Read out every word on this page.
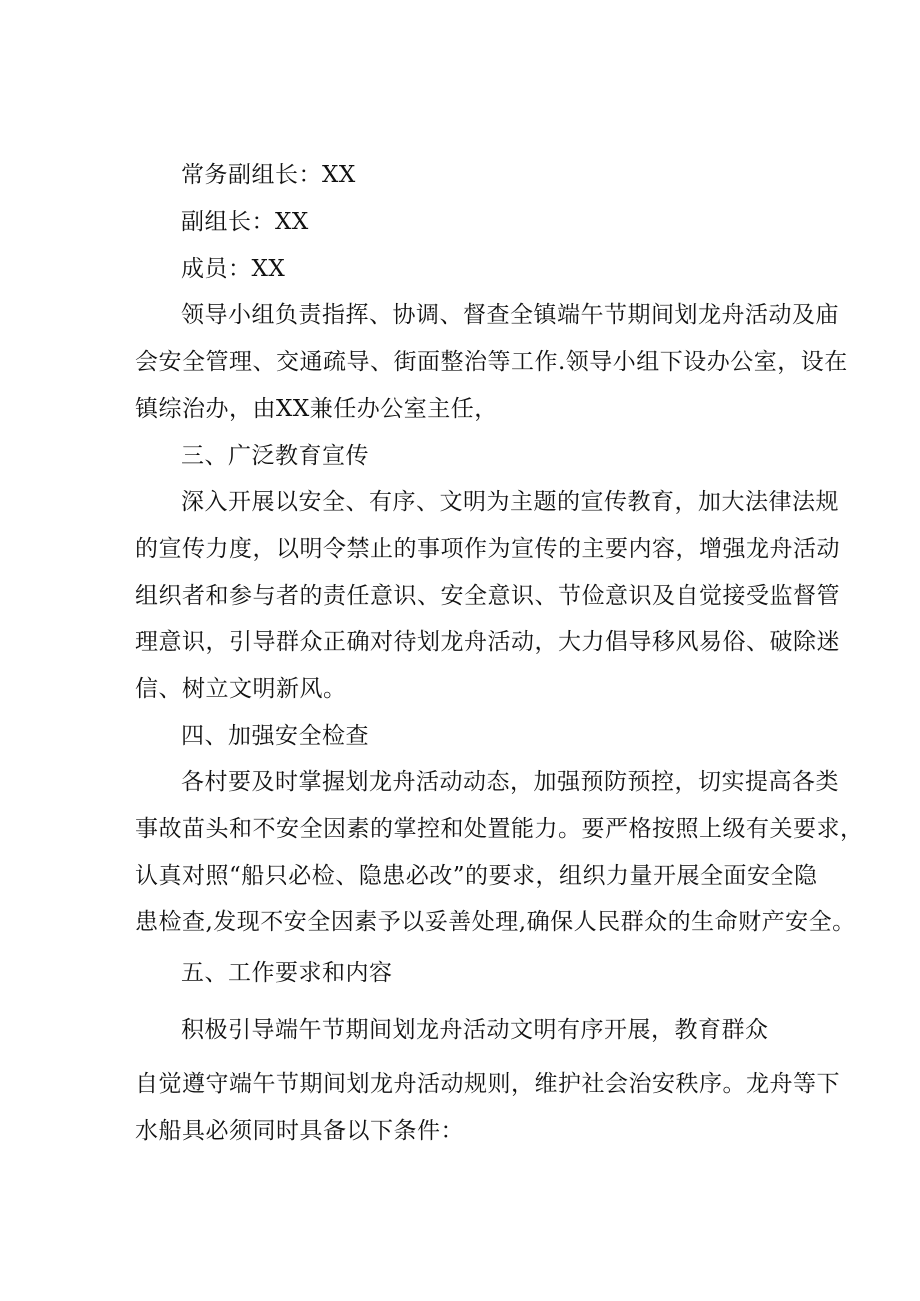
常务副组长：XX
副组长：XX
成员：XX
领导小组负责指挥、协调、督查全镇端午节期间划龙舟活动及庙
会安全管理、交通疏导、街面整治等工作.领导小组下设办公室，设在
镇综治办，由XX兼任办公室主任，
三、广泛教育宣传
深入开展以安全、有序、文明为主题的宣传教育，加大法律法规
的宣传力度，以明令禁止的事项作为宣传的主要内容，增强龙舟活动
组织者和参与者的责任意识、安全意识、节俭意识及自觉接受监督管
理意识，引导群众正确对待划龙舟活动，大力倡导移风易俗、破除迷
信、树立文明新风。
四、加强安全检查
各村要及时掌握划龙舟活动动态，加强预防预控，切实提高各类
事故苗头和不安全因素的掌控和处置能力。要严格按照上级有关要求，
认真对照“船只必检、隐患必改”的要求，组织力量开展全面安全隐
患检查,发现不安全因素予以妥善处理,确保人民群众的生命财产安全。
五、工作要求和内容
积极引导端午节期间划龙舟活动文明有序开展，教育群众
自觉遵守端午节期间划龙舟活动规则，维护社会治安秩序。龙舟等下
水船具必须同时具备以下条件：
